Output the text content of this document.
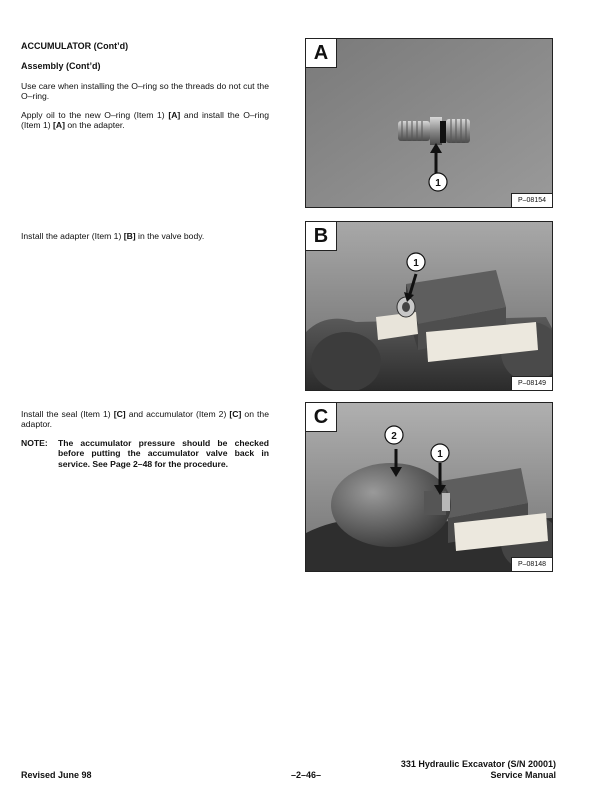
ACCUMULATOR (Cont’d)
Assembly (Cont’d)

Use care when installing the O–ring so the threads do not cut the O–ring.

Apply oil to the new O–ring (Item 1) [A] and install the O–ring (Item 1) [A] on the adapter.

Install the adapter (Item 1) [B] in the valve body.

Install the seal (Item 1) [C] and accumulator (Item 2) [C] on the adaptor.

NOTE:	The accumulator pressure should be checked before putting the accumulator valve back in service. See Page 2–48 for the procedure.
1
A
P–08154
1
B
P–08149
2
1
C
P–08148
Revised June 98	–2–46–
331 Hydraulic Excavator (S/N 20001)
Service Manual
